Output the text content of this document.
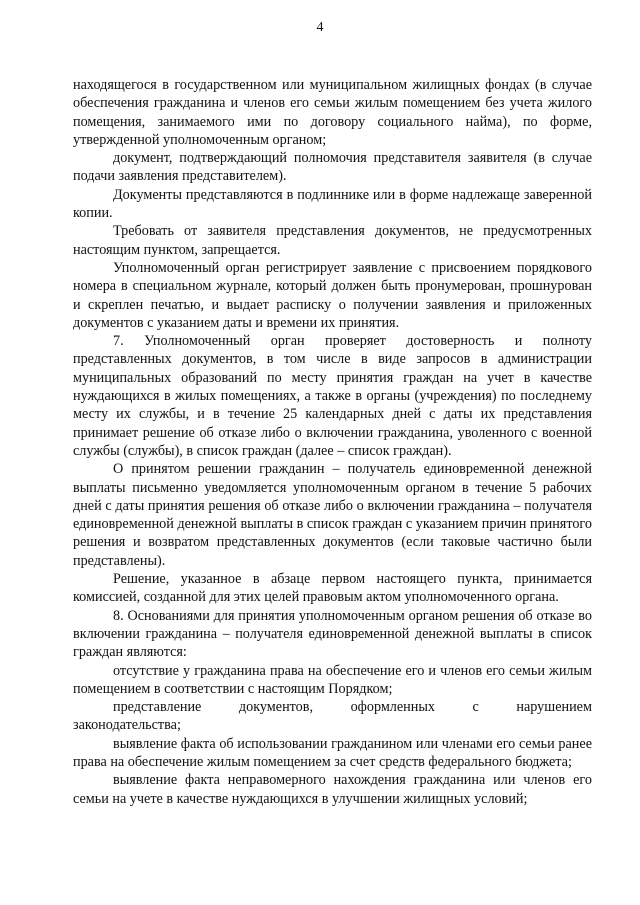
4

находящегося в государственном или муниципальном жилищных фондах (в случае обеспечения гражданина и членов его семьи жилым помещением без учета жилого помещения, занимаемого ими по договору социального найма), по форме, утвержденной уполномоченным органом;

документ, подтверждающий полномочия представителя заявителя (в случае подачи заявления представителем).

Документы представляются в подлиннике или в форме надлежаще заверенной копии.

Требовать от заявителя представления документов, не предусмотренных настоящим пунктом, запрещается.

Уполномоченный орган регистрирует заявление с присвоением порядкового номера в специальном журнале, который должен быть пронумерован, прошнурован и скреплен печатью, и выдает расписку о получении заявления и приложенных документов с указанием даты и времени их принятия.

7. Уполномоченный орган проверяет достоверность и полноту представленных документов, в том числе в виде запросов в администрации муниципальных образований по месту принятия граждан на учет в качестве нуждающихся в жилых помещениях, а также в органы (учреждения) по последнему месту их службы, и в течение 25 календарных дней с даты их представления принимает решение об отказе либо о включении гражданина, уволенного с военной службы (службы), в список граждан (далее – список граждан).

О принятом решении гражданин – получатель единовременной денежной выплаты письменно уведомляется уполномоченным органом в течение 5 рабочих дней с даты принятия решения об отказе либо о включении гражданина – получателя единовременной денежной выплаты в список граждан с указанием причин принятого решения и возвратом представленных документов (если таковые частично были представлены).

Решение, указанное в абзаце первом настоящего пункта, принимается комиссией, созданной для этих целей правовым актом уполномоченного органа.

8. Основаниями для принятия уполномоченным органом решения об отказе во включении гражданина – получателя единовременной денежной выплаты в список граждан являются:

отсутствие у гражданина права на обеспечение его и членов его семьи жилым помещением в соответствии с настоящим Порядком;

представление	документов,	оформленных	с	нарушением

законодательства;

выявление факта об использовании гражданином или членами его семьи ранее права на обеспечение жилым помещением за счет средств федерального бюджета;

выявление факта неправомерного нахождения гражданина или членов его семьи на учете в качестве нуждающихся в улучшении жилищных условий;
